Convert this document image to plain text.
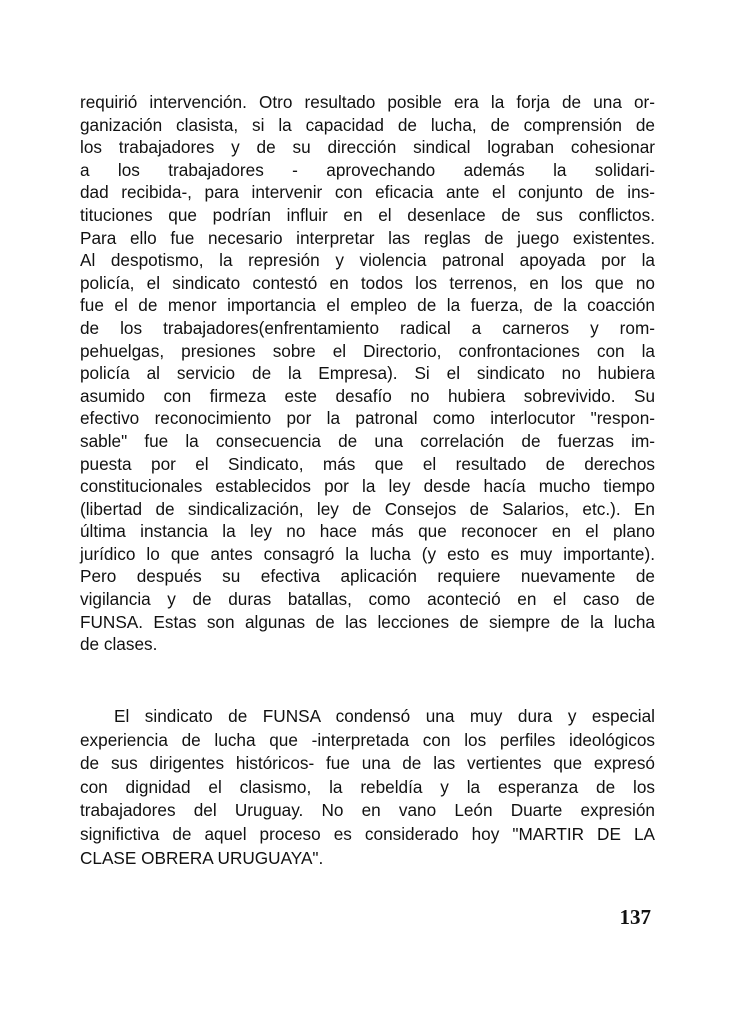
requirió intervención. Otro resultado posible era la forja de una or-
ganización clasista, si la capacidad de lucha, de comprensión de
los trabajadores y de su dirección sindical lograban cohesionar
a los trabajadores - aprovechando además la solidari-
dad recibida-, para intervenir con eficacia ante el conjunto de ins-
tituciones que podrían influir en el desenlace de sus conflictos.
Para ello fue necesario interpretar las reglas de juego existentes.
Al despotismo, la represión y violencia patronal apoyada por la
policía, el sindicato contestó en todos los terrenos, en los que no
fue el de menor importancia el empleo de la fuerza, de la coacción
de los trabajadores(enfrentamiento radical a carneros y rom-
pehuelgas, presiones sobre el Directorio, confrontaciones con la
policía al servicio de la Empresa). Si el sindicato no hubiera
asumido con firmeza este desafío no hubiera sobrevivido. Su
efectivo reconocimiento por la patronal como interlocutor "respon-
sable" fue la consecuencia de una correlación de fuerzas im-
puesta por el Sindicato, más que el resultado de derechos
constitucionales establecidos por la ley desde hacía mucho tiempo
(libertad de sindicalización, ley de Consejos de Salarios, etc.). En
última instancia la ley no hace más que reconocer en el plano
jurídico lo que antes consagró la lucha (y esto es muy importante).
Pero después su efectiva aplicación requiere nuevamente de
vigilancia y de duras batallas, como aconteció en el caso de
FUNSA. Estas son algunas de las lecciones de siempre de la lucha
de clases.
El sindicato de FUNSA condensó una muy dura y especial
experiencia de lucha que -interpretada con los perfiles ideológicos
de sus dirigentes históricos- fue una de las vertientes que expresó
con dignidad el clasismo, la rebeldía y la esperanza de los
trabajadores del Uruguay. No en vano León Duarte expresión
significtiva de aquel proceso es considerado hoy "MARTIR DE LA
CLASE OBRERA URUGUAYA".

137
